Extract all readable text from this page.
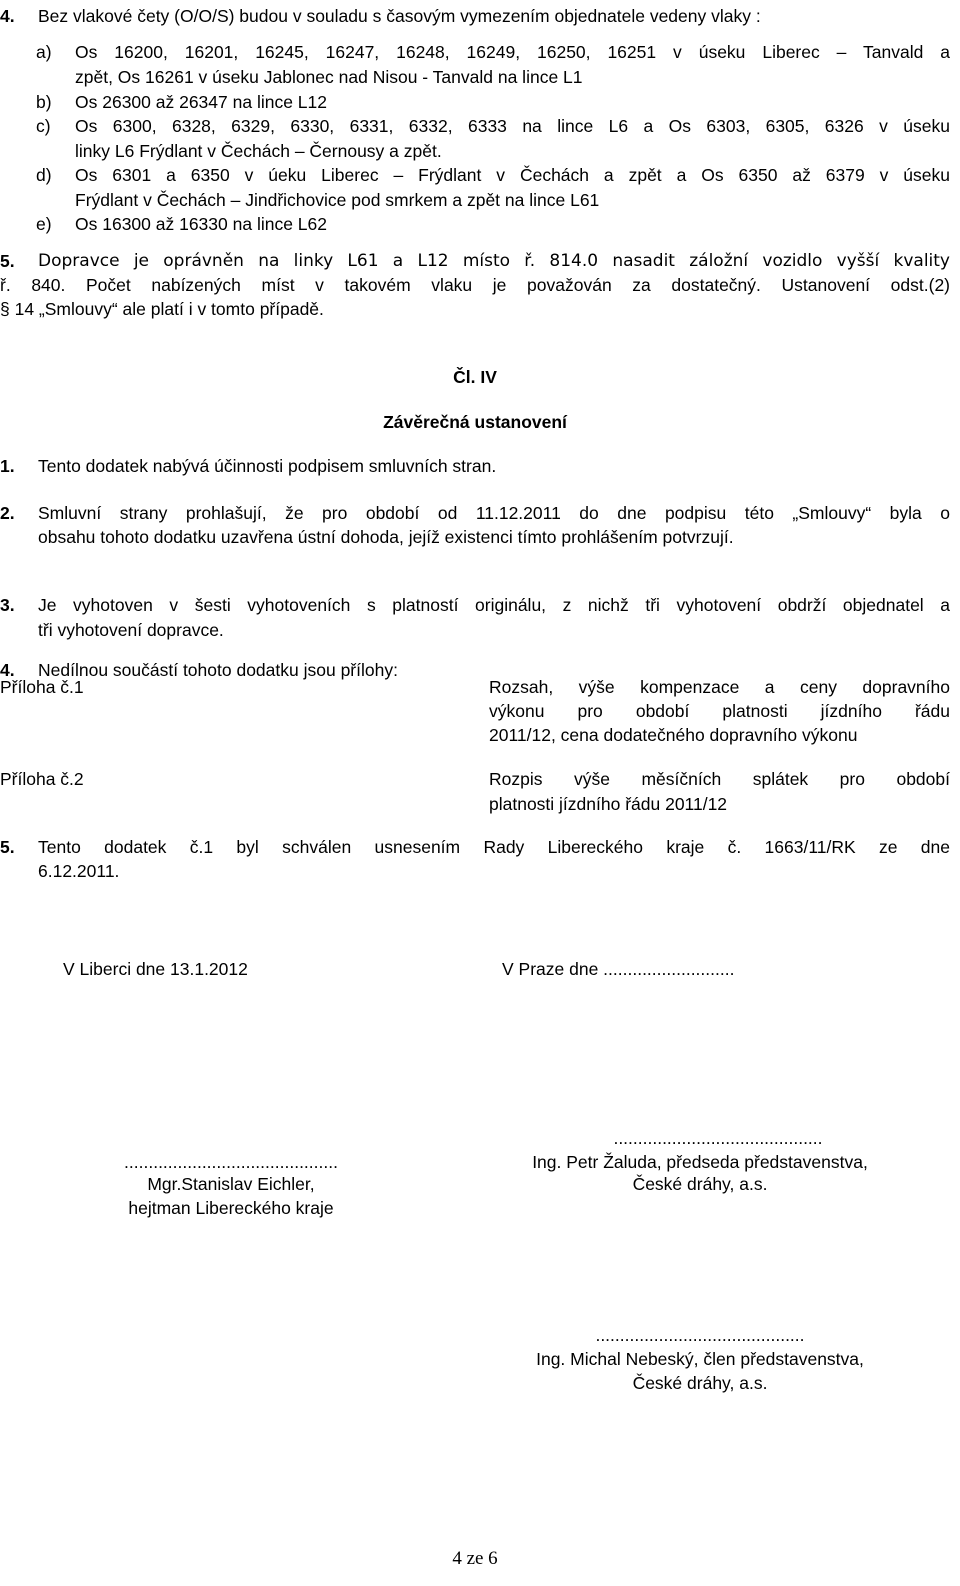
4. Bez vlakové čety (O/O/S) budou v souladu s časovým vymezením objednatele vedeny vlaky :
a) Os 16200, 16201, 16245, 16247, 16248, 16249, 16250, 16251 v úseku Liberec – Tanvald a
zpět, Os 16261 v úseku Jablonec nad Nisou - Tanvald na lince L1
b) Os 26300 až 26347 na lince L12
c) Os 6300, 6328, 6329, 6330, 6331, 6332, 6333 na lince L6 a Os 6303, 6305, 6326 v úseku
linky L6 Frýdlant v Čechách – Černousy a zpět.
d) Os 6301 a 6350 v úeku Liberec – Frýdlant v Čechách a zpět a Os 6350 až 6379 v úseku
Frýdlant v Čechách – Jindřichovice pod smrkem a zpět na lince L61
e) Os 16300 až 16330 na lince L62
5. Dopravce je oprávněn na linky L61 a L12 místo ř. 814.0 nasadit záložní vozidlo vyšší kvality
ř. 840. Počet nabízených míst v takovém vlaku je považován za dostatečný. Ustanovení odst.(2)
§ 14 „Smlouvy“ ale platí i v tomto případě.
Čl. IV
Závěrečná ustanovení
1. Tento dodatek nabývá účinnosti podpisem smluvních stran.
2. Smluvní strany prohlašují, že pro období od 11.12.2011 do dne podpisu této „Smlouvy“ byla o
obsahu tohoto dodatku uzavřena ústní dohoda, jejíž existenci tímto prohlášením potvrzují.
3. Je vyhotoven v šesti vyhotoveních s platností originálu, z nichž tři vyhotovení obdrží objednatel a
tři vyhotovení dopravce.
4. Nedílnou součástí tohoto dodatku jsou přílohy:
Příloha č.1	Rozsah, výše kompenzace a ceny dopravního
výkonu pro období platnosti jízdního řádu
2011/12, cena dodatečného dopravního výkonu
Příloha č.2	Rozpis výše měsíčních splátek pro období
platnosti jízdního řádu 2011/12
5. Tento dodatek č.1 byl schválen usnesením Rady Libereckého kraje č. 1663/11/RK ze dne
6.12.2011.
V Liberci dne 13.1.2012	V Praze dne ...........................
...........................................
............................................	Ing. Petr Žaluda, předseda představenstva,
Mgr.Stanislav Eichler,	České dráhy, a.s.
hejtman Libereckého kraje
...........................................
Ing. Michal Nebeský, člen představenstva,
České dráhy, a.s.
4 ze 6
